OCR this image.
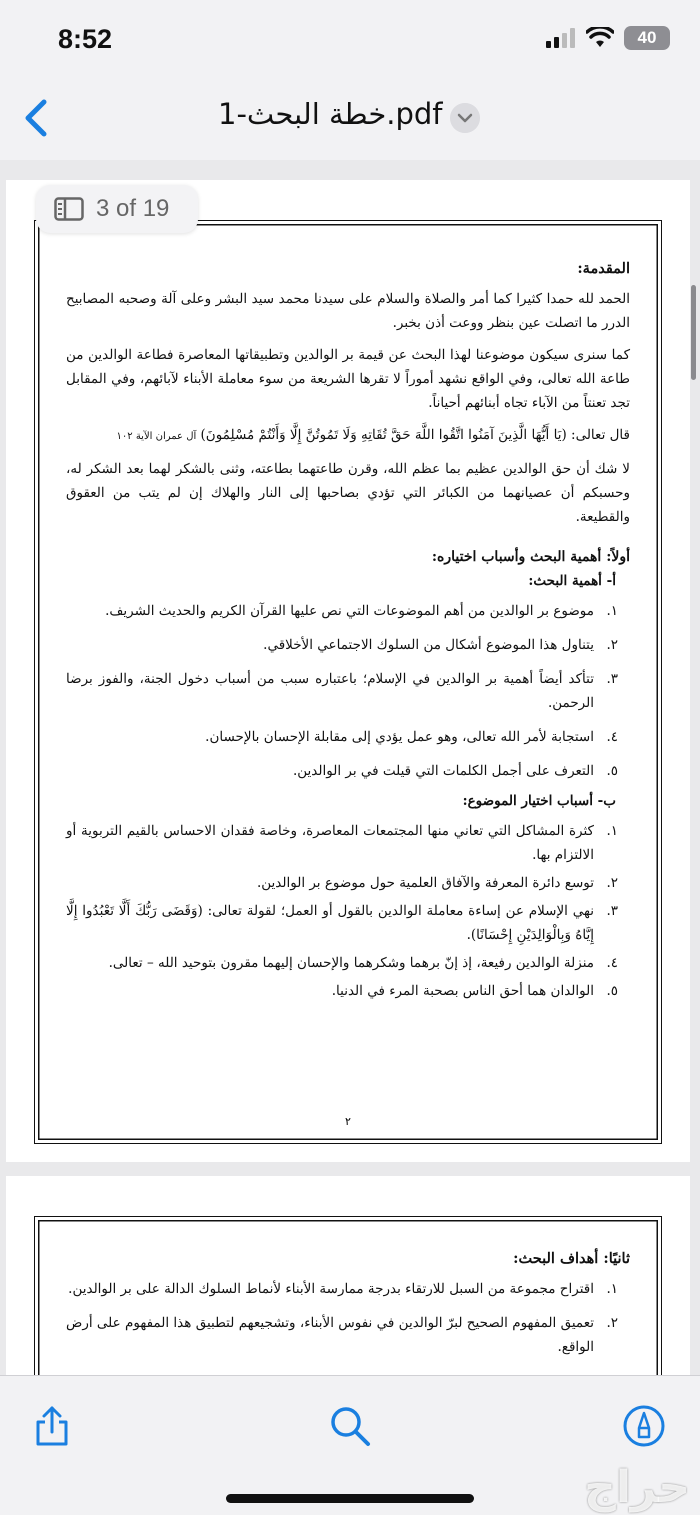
8:52	40
خطة البحث-1.pdf
المقدمة:
الحمد لله حمدا كثيرا كما أمر والصلاة والسلام على سيدنا محمد سيد البشر وعلى آلة وصحبه المصابيح الدرر ما اتصلت عين بنظر ووعت أذن بخبر.
كما سنرى سيكون موضوعنا لهذا البحث عن قيمة بر الوالدين وتطبيقاتها المعاصرة فطاعة الوالدين من طاعة الله تعالى، وفي الواقع نشهد أموراً لا تقرها الشريعة من سوء معاملة الأبناء لآبائهم، وفي المقابل تجد تعنتاً من الآباء تجاه أبنائهم أحياناً.
قال تعالى: (يَا أَيُّهَا الَّذِينَ آمَنُوا اتَّقُوا اللَّهَ حَقَّ تُقَاتِهِ وَلَا تَمُوتُنَّ إِلَّا وَأَنْتُمْ مُسْلِمُونَ) آل عمران الآية ١٠٢
لا شك أن حق الوالدين عظيم بما عظم الله، وقرن طاعتهما بطاعته، وثنى بالشكر لهما بعد الشكر له، وحسبكم أن عصيانهما من الكبائر التي تؤدي بصاحبها إلى النار والهلاك إن لم يتب من العقوق والقطيعة.
أولاً: أهمية البحث وأسباب اختياره:
أ- أهمية البحث:
١.
موضوع بر الوالدين من أهم الموضوعات التي نص عليها القرآن الكريم والحديث الشريف.
٢.
يتناول هذا الموضوع أشكال من السلوك الاجتماعي الأخلاقي.
٣.
تتأكد أيضاً أهمية بر الوالدين في الإسلام؛ باعتباره سبب من أسباب دخول الجنة، والفوز برضا الرحمن.
٤.
استجابة لأمر الله تعالى، وهو عمل يؤدي إلى مقابلة الإحسان بالإحسان.
٥.
التعرف على أجمل الكلمات التي قيلت في بر الوالدين.
ب- أسباب اختيار الموضوع:
١.
كثرة المشاكل التي تعاني منها المجتمعات المعاصرة، وخاصة فقدان الاحساس بالقيم التربوية أو الالتزام بها.
٢.
توسع دائرة المعرفة والآفاق العلمية حول موضوع بر الوالدين.
٣.
نهي الإسلام عن إساءة معاملة الوالدين بالقول أو العمل؛ لقولة تعالى: (وَقَضَى رَبُّكَ أَلَّا تَعْبُدُوا إِلَّا إِيَّاهُ وَبِالْوَالِدَيْنِ إِحْسَانًا).
٤.
منزلة الوالدين رفيعة، إذ إنّ برهما وشكرهما والإحسان إليهما مقرون بتوحيد الله – تعالى.
٥.
الوالدان هما أحق الناس بصحبة المرء في الدنيا.
٢
ثانيًا: أهداف البحث:
١.
اقتراح مجموعة من السبل للارتقاء بدرجة ممارسة الأبناء لأنماط السلوك الدالة على بر الوالدين.
٢.
تعميق المفهوم الصحيح لبرّ الوالدين في نفوس الأبناء، وتشجيعهم لتطبيق هذا المفهوم على أرض الواقع.
3 of 19
حراج
